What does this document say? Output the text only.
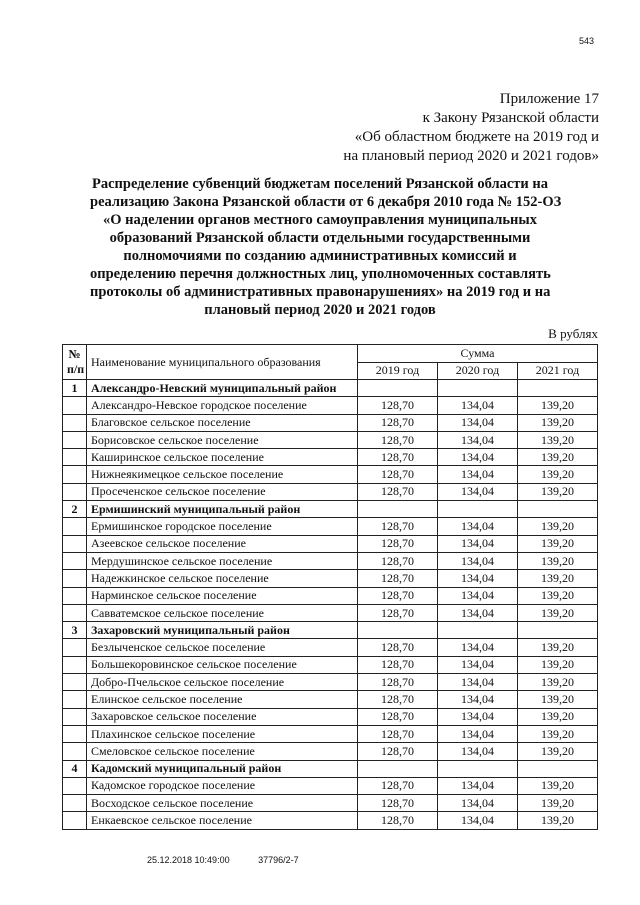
543
Приложение 17
к Закону Рязанской области
«Об областном бюджете на 2019 год и
на плановый период 2020 и 2021 годов»
Распределение субвенций бюджетам поселений Рязанской области на
реализацию Закона Рязанской области от 6 декабря 2010 года № 152-ОЗ
«О наделении органов местного самоуправления муниципальных
образований Рязанской области отдельными государственными
полномочиями по созданию административных комиссий и
определению перечня должностных лиц, уполномоченных составлять
протоколы об административных правонарушениях» на 2019 год и на
плановый период 2020 и 2021 годов
В рублях
№
п/п	Наименование муниципального образования	Сумма		
		2019 год	2020 год	2021 год
1	Александро-Невский муниципальный район			
	Александро-Невское городское поселение	128,70	134,04	139,20
	Благовское сельское поселение	128,70	134,04	139,20
	Борисовское сельское поселение	128,70	134,04	139,20
	Каширинское сельское поселение	128,70	134,04	139,20
	Нижнеякимецкое сельское поселение	128,70	134,04	139,20
	Просеченское сельское поселение	128,70	134,04	139,20
2	Ермишинский муниципальный район			
	Ермишинское городское поселение	128,70	134,04	139,20
	Азеевское сельское поселение	128,70	134,04	139,20
	Мердушинское сельское поселение	128,70	134,04	139,20
	Надежкинское сельское поселение	128,70	134,04	139,20
	Нарминское сельское поселение	128,70	134,04	139,20
	Савватемское сельское поселение	128,70	134,04	139,20
3	Захаровский муниципальный район			
	Безлыченское сельское поселение	128,70	134,04	139,20
	Большекоровинское сельское поселение	128,70	134,04	139,20
	Добро-Пчельское сельское поселение	128,70	134,04	139,20
	Елинское сельское поселение	128,70	134,04	139,20
	Захаровское сельское поселение	128,70	134,04	139,20
	Плахинское сельское поселение	128,70	134,04	139,20
	Смеловское сельское поселение	128,70	134,04	139,20
4	Кадомский муниципальный район			
	Кадомское городское поселение	128,70	134,04	139,20
	Восходское сельское поселение	128,70	134,04	139,20
	Енкаевское сельское поселение	128,70	134,04	139,20
25.12.2018 10:49:00	37796/2-7
